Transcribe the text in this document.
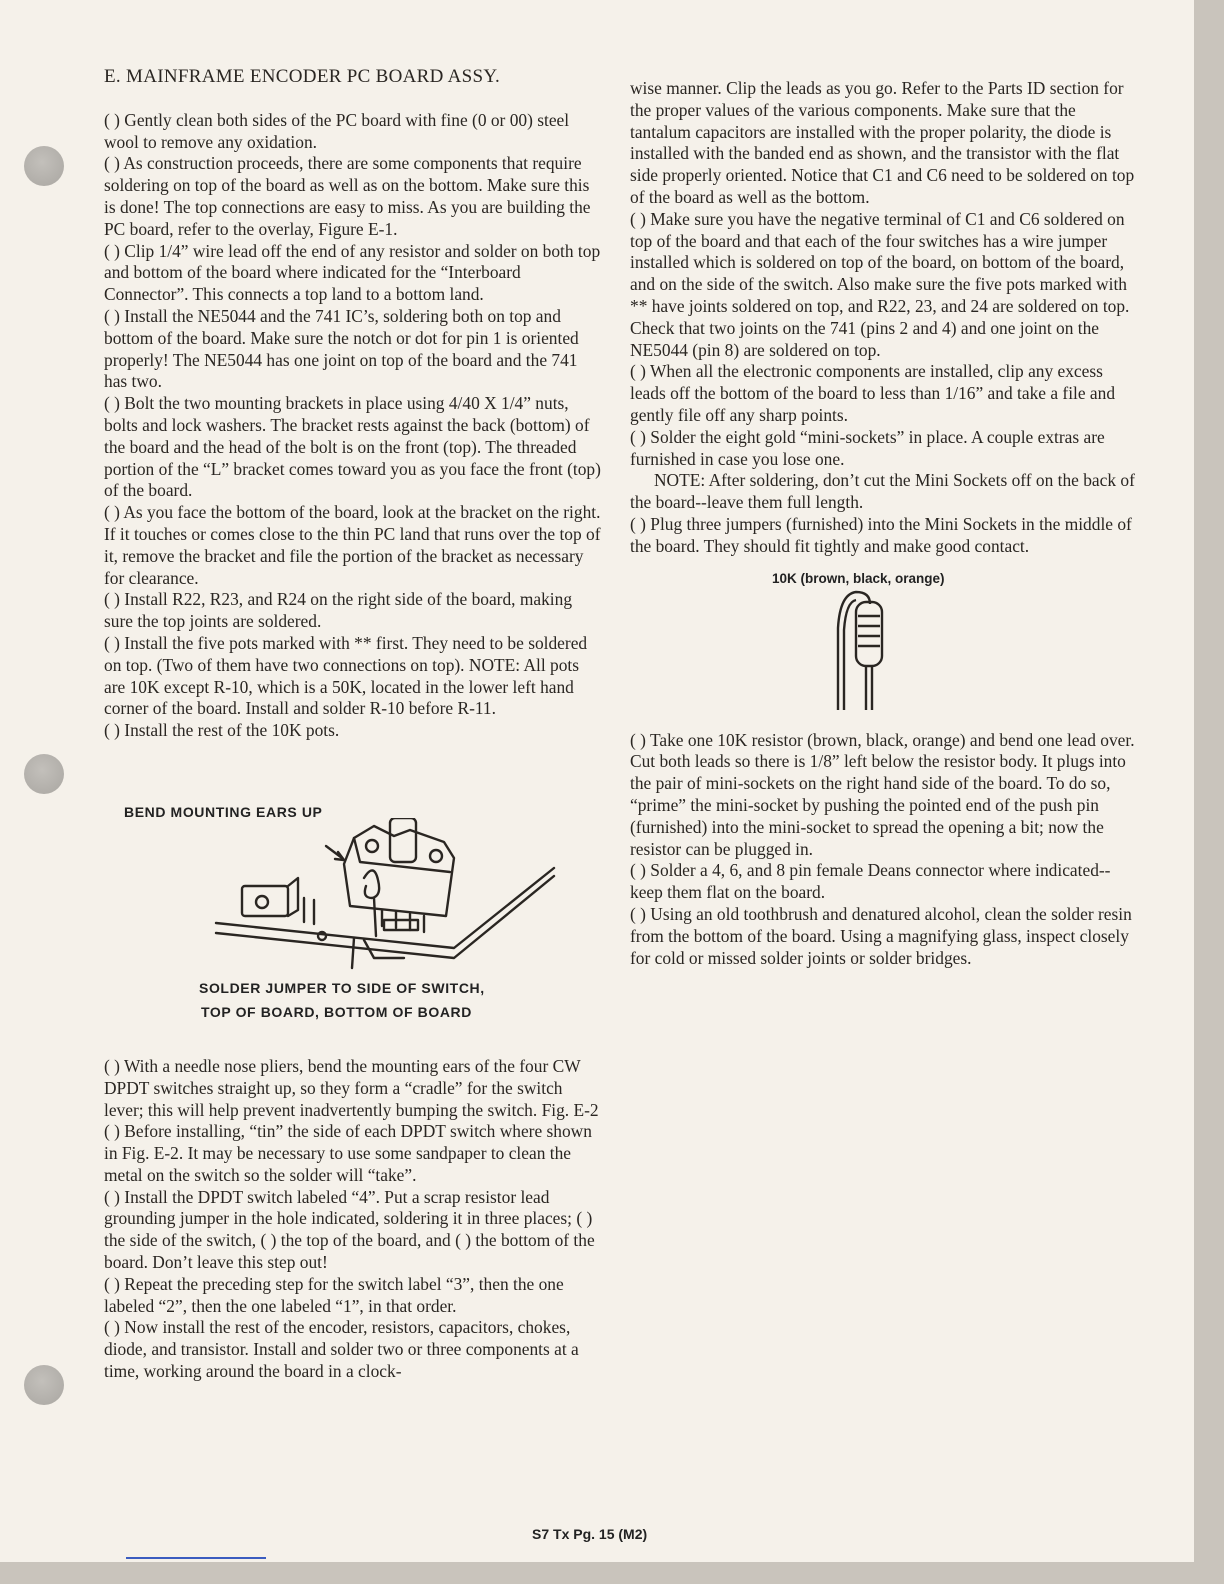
E. MAINFRAME ENCODER PC BOARD ASSY.

( ) Gently clean both sides of the PC board with fine (0 or 00) steel wool to remove any oxidation.

( ) As construction proceeds, there are some components that require soldering on top of the board as well as on the bottom. Make sure this is done! The top connections are easy to miss. As you are building the PC board, refer to the overlay, Figure E-1.

( ) Clip 1/4” wire lead off the end of any resistor and solder on both top and bottom of the board where indicated for the “Interboard Connector”. This connects a top land to a bottom land.

( ) Install the NE5044 and the 741 IC’s, soldering both on top and bottom of the board. Make sure the notch or dot for pin 1 is oriented properly! The NE5044 has one joint on top of the board and the 741 has two.

( ) Bolt the two mounting brackets in place using 4/40 X 1/4” nuts, bolts and lock washers. The bracket rests against the back (bottom) of the board and the head of the bolt is on the front (top). The threaded portion of the “L” bracket comes toward you as you face the front (top) of the board.

( ) As you face the bottom of the board, look at the bracket on the right. If it touches or comes close to the thin PC land that runs over the top of it, remove the bracket and file the portion of the bracket as necessary for clearance.

( ) Install R22, R23, and R24 on the right side of the board, making sure the top joints are soldered.

( ) Install the five pots marked with ** first. They need to be soldered on top. (Two of them have two connections on top). NOTE: All pots are 10K except R-10, which is a 50K, located in the lower left hand corner of the board. Install and solder R-10 before R-11.

( ) Install the rest of the 10K pots.

BEND MOUNTING EARS UP
SOLDER JUMPER TO SIDE OF SWITCH,
TOP OF BOARD, BOTTOM OF BOARD

( ) With a needle nose pliers, bend the mounting ears of the four CW DPDT switches straight up, so they form a “cradle” for the switch lever; this will help prevent inadvertently bumping the switch. Fig. E-2

( ) Before installing, “tin” the side of each DPDT switch where shown in Fig. E-2. It may be necessary to use some sandpaper to clean the metal on the switch so the solder will “take”.

( ) Install the DPDT switch labeled “4”. Put a scrap resistor lead grounding jumper in the hole indicated, soldering it in three places; ( ) the side of the switch, ( ) the top of the board, and ( ) the bottom of the board. Don’t leave this step out!

( ) Repeat the preceding step for the switch label “3”, then the one labeled “2”, then the one labeled “1”, in that order.

( ) Now install the rest of the encoder, resistors, capacitors, chokes, diode, and transistor. Install and solder two or three components at a time, working around the board in a clock-

wise manner. Clip the leads as you go. Refer to the Parts ID section for the proper values of the various components. Make sure that the tantalum capacitors are installed with the proper polarity, the diode is installed with the banded end as shown, and the transistor with the flat side properly oriented. Notice that C1 and C6 need to be soldered on top of the board as well as the bottom.

( ) Make sure you have the negative terminal of C1 and C6 soldered on top of the board and that each of the four switches has a wire jumper installed which is soldered on top of the board, on bottom of the board, and on the side of the switch. Also make sure the five pots marked with ** have joints soldered on top, and R22, 23, and 24 are soldered on top. Check that two joints on the 741 (pins 2 and 4) and one joint on the NE5044 (pin 8) are soldered on top.

( ) When all the electronic components are installed, clip any excess leads off the bottom of the board to less than 1/16” and take a file and gently file off any sharp points.

( ) Solder the eight gold “mini-sockets” in place. A couple extras are furnished in case you lose one.

NOTE: After soldering, don’t cut the Mini Sockets off on the back of the board--leave them full length.

( ) Plug three jumpers (furnished) into the Mini Sockets in the middle of the board. They should fit tightly and make good contact.

10K (brown, black, orange)

( ) Take one 10K resistor (brown, black, orange) and bend one lead over. Cut both leads so there is 1/8” left below the resistor body. It plugs into the pair of mini-sockets on the right hand side of the board. To do so, “prime” the mini-socket by pushing the pointed end of the push pin (furnished) into the mini-socket to spread the opening a bit; now the resistor can be plugged in.

( ) Solder a 4, 6, and 8 pin female Deans connector where indicated--keep them flat on the board.

( ) Using an old toothbrush and denatured alcohol, clean the solder resin from the bottom of the board. Using a magnifying glass, inspect closely for cold or missed solder joints or solder bridges.

S7 Tx Pg. 15 (M2)
